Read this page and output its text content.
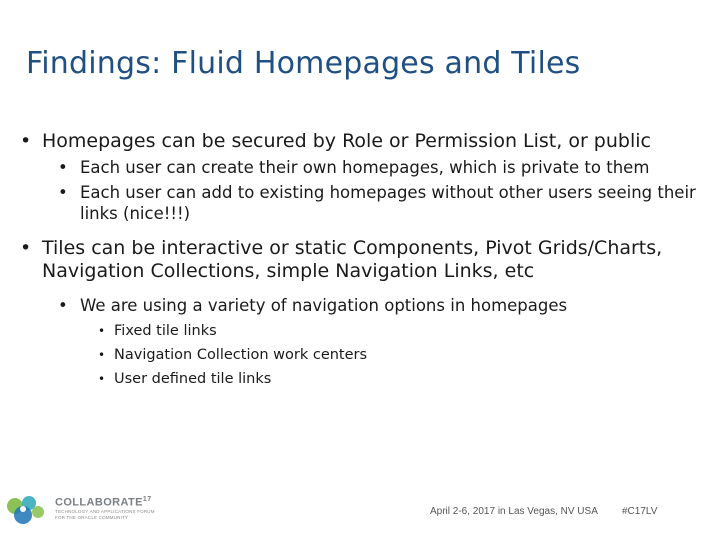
Findings: Fluid Homepages and Tiles
• Homepages can be secured by Role or Permission List, or public
• Each user can create their own homepages, which is private to them
• Each user can add to existing homepages without other users seeing their links (nice!!!)
• Tiles can be interactive or static Components, Pivot Grids/Charts, Navigation Collections, simple Navigation Links, etc
• We are using a variety of navigation options in homepages
• Fixed tile links
• Navigation Collection work centers
• User defined tile links
COLLABORATE$^{17}$
TECHNOLOGY AND APPLICATIONS FORUM
FOR THE ORACLE COMMUNITY
April 2-6, 2017 in Las Vegas, NV USA #C17LV
